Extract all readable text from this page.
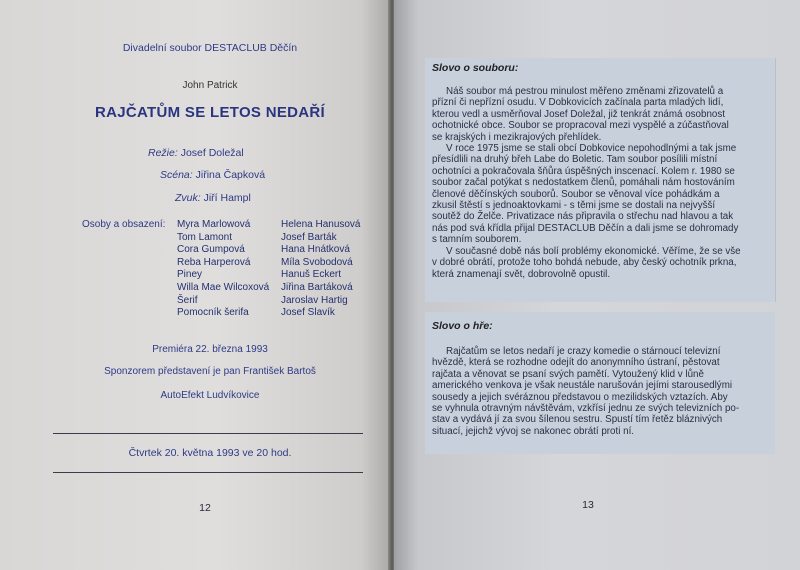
Divadelní soubor DESTACLUB Děčín
John Patrick
RAJČATŮM SE LETOS NEDAŘÍ
Režie: Josef Doležal
Scéna: Jiřina Čapková
Zvuk: Jiří Hampl
Osoby a obsazení: Myra Marlowová
Tom Lamont
Cora Gumpová
Reba Harperová
Piney
Willa Mae Wilcoxová
Šerif
Pomocník šerifa
Helena Hanusová
Josef Barták
Hana Hnátková
Míla Svobodová
Hanuš Eckert
Jiřina Bartáková
Jaroslav Hartig
Josef Slavík
Premiéra 22. března 1993
Sponzorem představení je pan František Bartoš
AutoEfekt Ludvíkovice
Čtvrtek 20. května 1993 ve 20 hod.
12
Slovo o souboru:
Náš soubor má pestrou minulost měřeno změnami zřizovatelů a
přízní či nepřízní osudu. V Dobkovicích začínala parta mladých lidí,
kterou vedl a usměrňoval Josef Doležal, již tenkrát známá osobnost
ochotnické obce. Soubor se propracoval mezi vyspělé a zúčastňoval
se krajských i mezikrajových přehlídek.
V roce 1975 jsme se stali obcí Dobkovice nepohodlnými a tak jsme
přesídlili na druhý břeh Labe do Boletic. Tam soubor posílili místní
ochotníci a pokračovala šňůra úspěšných inscenací. Kolem r. 1980 se
soubor začal potýkat s nedostatkem členů, pomáhali nám hostováním
členové děčínských souborů. Soubor se věnoval více pohádkám a
zkusil štěstí s jednoaktovkami - s těmi jsme se dostali na nejvyšší
soutěž do Želče. Privatizace nás připravila o střechu nad hlavou a tak
nás pod svá křídla přijal DESTACLUB Děčín a dali jsme se dohromady
s tamním souborem.
V současné době nás bolí problémy ekonomické. Věříme, že se vše
v dobré obrátí, protože toho bohdá nebude, aby český ochotník prkna,
která znamenají svět, dobrovolně opustil.
Slovo o hře:
Rajčatům se letos nedaří je crazy komedie o stárnoucí televizní
hvězdě, která se rozhodne odejít do anonymního ústraní, pěstovat
rajčata a věnovat se psaní svých pamětí. Vytoužený klid v lůně
amerického venkova je však neustále narušován jejími starousedlými
sousedy a jejich svéráznou představou o mezilidských vztazích. Aby
se vyhnula otravným návštěvám, vzkřísí jednu ze svých televizních po-
stav a vydává jí za svou šílenou sestru. Spustí tím řetěz bláznivých
situací, jejichž vývoj se nakonec obrátí proti ní.
13
